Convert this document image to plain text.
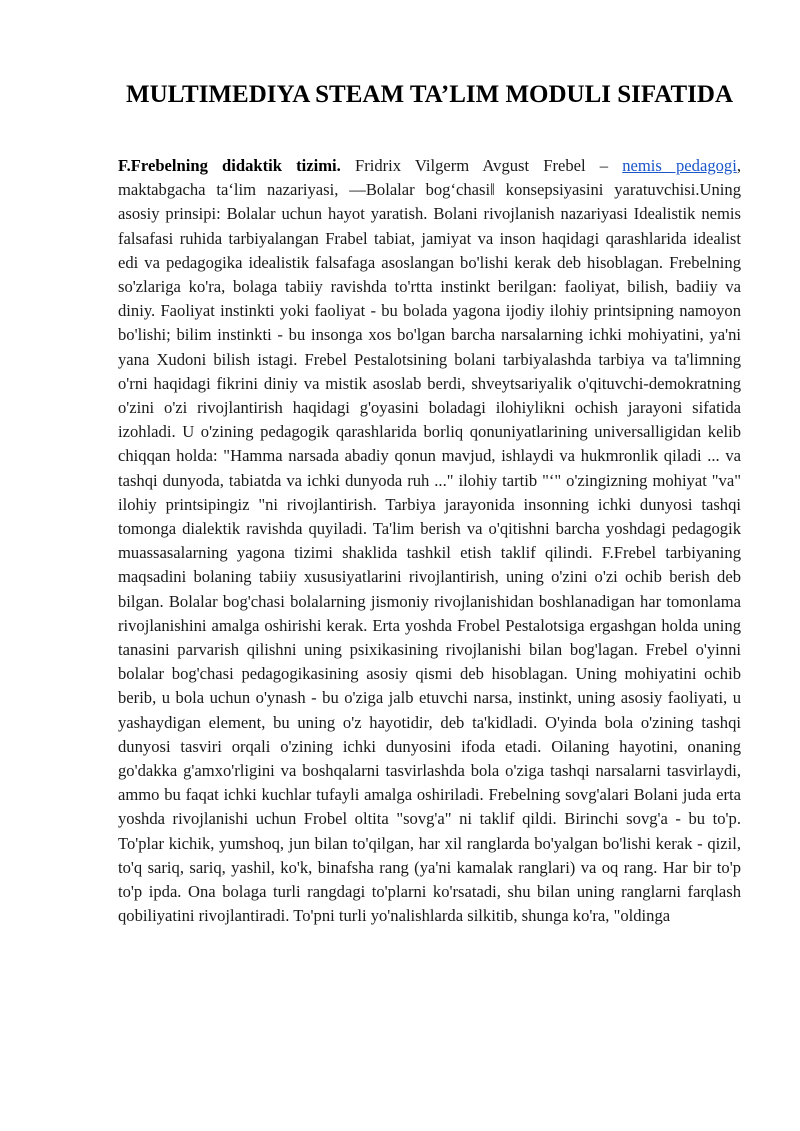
MULTIMEDIYA STEAM TA’LIM MODULI SIFATIDA

F.Frebelning didaktik tizimi. Fridrix Vilgerm Avgust Frebel – nemis pedagogi, maktabgacha ta‘lim nazariyasi, ―Bolalar bog‘chasi‖ konsepsiyasini yaratuvchisi.Uning asosiy prinsipi: Bolalar uchun hayot yaratish. Bolani rivojlanish nazariyasi Idealistik nemis falsafasi ruhida tarbiyalangan Frabel tabiat, jamiyat va inson haqidagi qarashlarida idealist edi va pedagogika idealistik falsafaga asoslangan bo'lishi kerak deb hisoblagan. Frebelning so'zlariga ko'ra, bolaga tabiiy ravishda to'rtta instinkt berilgan: faoliyat, bilish, badiiy va diniy. Faoliyat instinkti yoki faoliyat - bu bolada yagona ijodiy ilohiy printsipning namoyon bo'lishi; bilim instinkti - bu insonga xos bo'lgan barcha narsalarning ichki mohiyatini, ya'ni yana Xudoni bilish istagi. Frebel Pestalotsining bolani tarbiyalashda tarbiya va ta'limning o'rni haqidagi fikrini diniy va mistik asoslab berdi, shveytsariyalik o'qituvchi-demokratning o'zini o'zi rivojlantirish haqidagi g'oyasini boladagi ilohiylikni ochish jarayoni sifatida izohladi. U o'zining pedagogik qarashlarida borliq qonuniyatlarining universalligidan kelib chiqqan holda: "Hamma narsada abadiy qonun mavjud, ishlaydi va hukmronlik qiladi ... va tashqi dunyoda, tabiatda va ichki dunyoda ruh ..." ilohiy tartib "‘" o'zingizning mohiyat "va" ilohiy printsipingiz "ni rivojlantirish. Tarbiya jarayonida insonning ichki dunyosi tashqi tomonga dialektik ravishda quyiladi. Ta'lim berish va o'qitishni barcha yoshdagi pedagogik muassasalarning yagona tizimi shaklida tashkil etish taklif qilindi. F.Frebel tarbiyaning maqsadini bolaning tabiiy xususiyatlarini rivojlantirish, uning o'zini o'zi ochib berish deb bilgan. Bolalar bog'chasi bolalarning jismoniy rivojlanishidan boshlanadigan har tomonlama rivojlanishini amalga oshirishi kerak. Erta yoshda Frobel Pestalotsiga ergashgan holda uning tanasini parvarish qilishni uning psixikasining rivojlanishi bilan bog'lagan. Frebel o'yinni bolalar bog'chasi pedagogikasining asosiy qismi deb hisoblagan. Uning mohiyatini ochib berib, u bola uchun o'ynash - bu o'ziga jalb etuvchi narsa, instinkt, uning asosiy faoliyati, u yashaydigan element, bu uning o'z hayotidir, deb ta'kidladi. O'yinda bola o'zining tashqi dunyosi tasviri orqali o'zining ichki dunyosini ifoda etadi. Oilaning hayotini, onaning go'dakka g'amxo'rligini va boshqalarni tasvirlashda bola o'ziga tashqi narsalarni tasvirlaydi, ammo bu faqat ichki kuchlar tufayli amalga oshiriladi. Frebelning sovg'alari Bolani juda erta yoshda rivojlanishi uchun Frobel oltita "sovg'a" ni taklif qildi. Birinchi sovg'a - bu to'p. To'plar kichik, yumshoq, jun bilan to'qilgan, har xil ranglarda bo'yalgan bo'lishi kerak - qizil, to'q sariq, sariq, yashil, ko'k, binafsha rang (ya'ni kamalak ranglari) va oq rang. Har bir to'p to'p ipda. Ona bolaga turli rangdagi to'plarni ko'rsatadi, shu bilan uning ranglarni farqlash qobiliyatini rivojlantiradi. To'pni turli yo'nalishlarda silkitib, shunga ko'ra, "oldinga
